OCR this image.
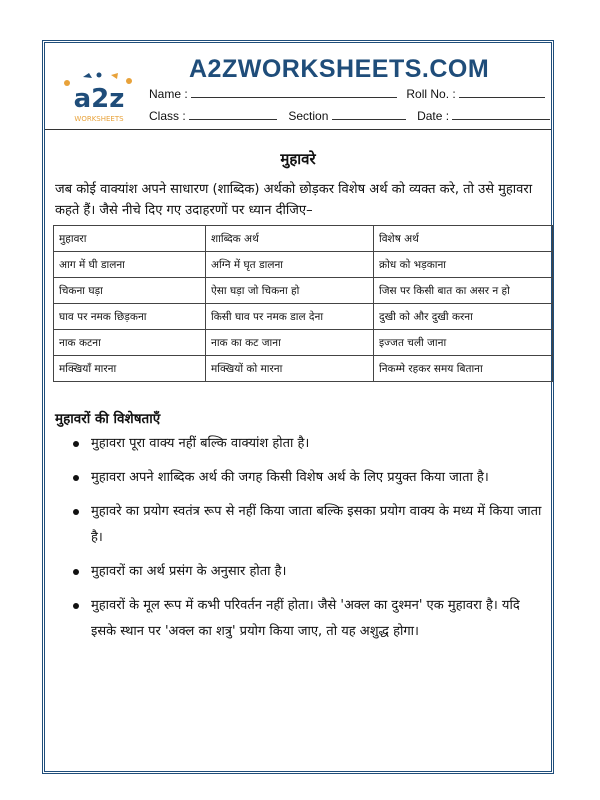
a2z
WORKSHEETS
A2ZWORKSHEETS.COM
Name :	Roll No. :
Class :	Section	Date :
मुहावरे
जब कोई वाक्यांश अपने साधारण (शाब्दिक) अर्थको छोड़कर विशेष अर्थ को व्यक्त करे, तो उसे मुहावरा कहते हैं। जैसे नीचे दिए गए उदाहरणों पर ध्यान दीजिए–
मुहावरा	शाब्दिक अर्थ	विशेष अर्थ
आग में घी डालना	अग्नि में घृत डालना	क्रोध को भड़काना
चिकना घड़ा	ऐसा घड़ा जो चिकना हो	जिस पर किसी बात का असर न हो
घाव पर नमक छिड़कना	किसी घाव पर नमक डाल देना	दुखी को और दुखी करना
नाक कटना	नाक का कट जाना	इज्जत चली जाना
मक्खियाँ मारना	मक्खियों को मारना	निकम्मे रहकर समय बिताना
मुहावरों की विशेषताएँ
मुहावरा पूरा वाक्य नहीं बल्कि वाक्यांश होता है।
मुहावरा अपने शाब्दिक अर्थ की जगह किसी विशेष अर्थ के लिए प्रयुक्त किया जाता है।
मुहावरे का प्रयोग स्वतंत्र रूप से नहीं किया जाता बल्कि इसका प्रयोग वाक्य के मध्य में किया जाता है।
मुहावरों का अर्थ प्रसंग के अनुसार होता है।
मुहावरों के मूल रूप में कभी परिवर्तन नहीं होता। जैसे 'अक्ल का दुश्मन' एक मुहावरा है। यदि इसके स्थान पर 'अक्ल का शत्रु' प्रयोग किया जाए, तो यह अशुद्ध होगा।
